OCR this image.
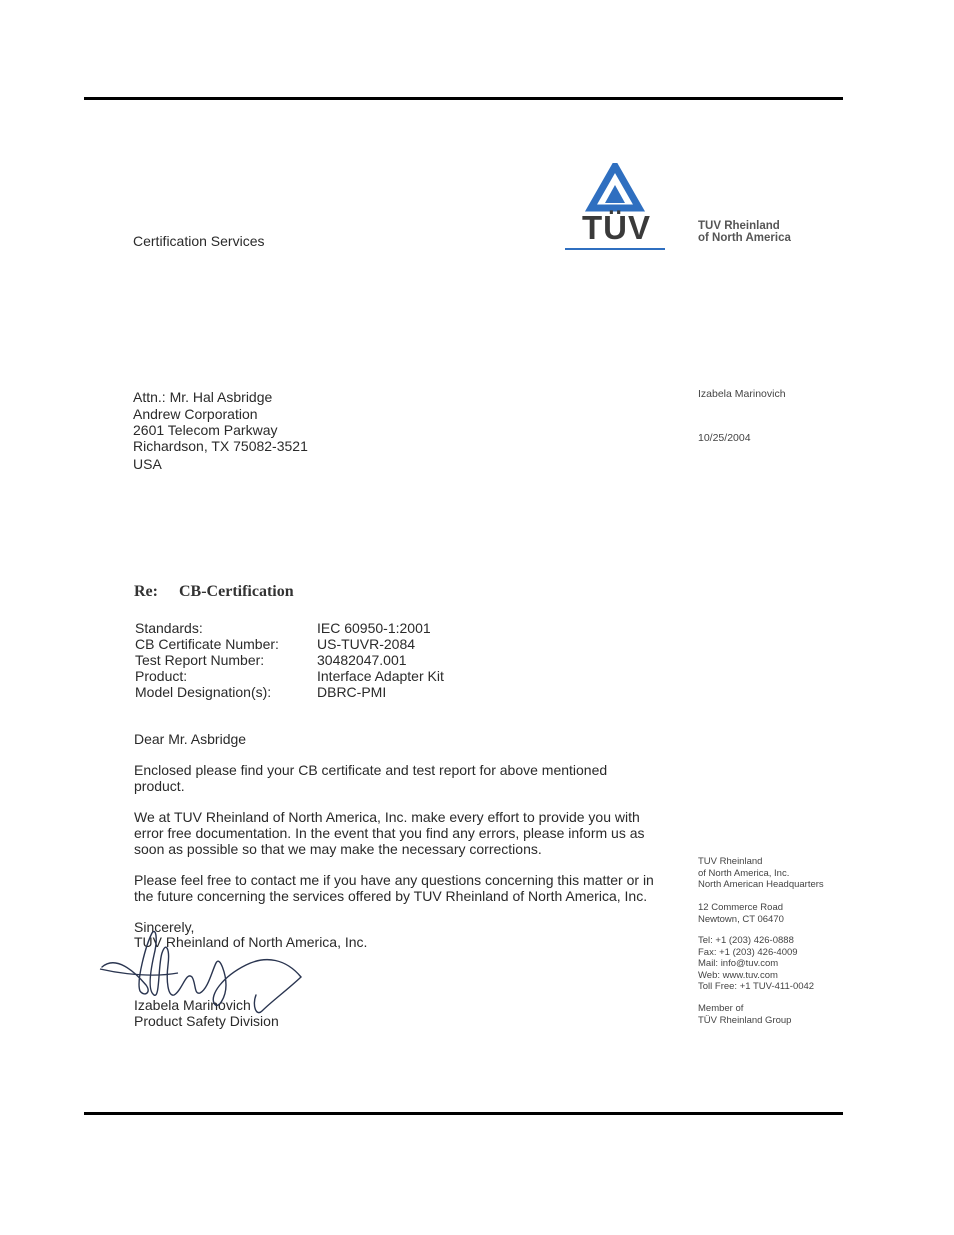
Certification Services	TÜV	TUV Rheinland
of North America
Attn.: Mr. Hal Asbridge
Andrew Corporation
2601 Telecom Parkway
Richardson, TX 75082-3521
USA
Izabela Marinovich
10/25/2004
Re: CB-Certification
Standards:
CB Certificate Number:
Test Report Number:
Product:
Model Designation(s):
IEC 60950-1:2001
US-TUVR-2084
30482047.001
Interface Adapter Kit
DBRC-PMI
Dear Mr. Asbridge

Enclosed please find your CB certificate and test report for above mentioned product.

We at TUV Rheinland of North America, Inc. make every effort to provide you with error free documentation. In the event that you find any errors, please inform us as soon as possible so that we may make the necessary corrections.

Please feel free to contact me if you have any questions concerning this matter or in the future concerning the services offered by TUV Rheinland of North America, Inc.

Sincerely,
TUV Rheinland of North America, Inc.
Izabela Marinovich
Product Safety Division
TUV Rheinland
of North America, Inc.
North American Headquarters
12 Commerce Road
Newtown, CT 06470
Tel: +1 (203) 426-0888
Fax: +1 (203) 426-4009
Mail: info@tuv.com
Web: www.tuv.com
Toll Free: +1 TUV-411-0042
Member of
TÜV Rheinland Group
